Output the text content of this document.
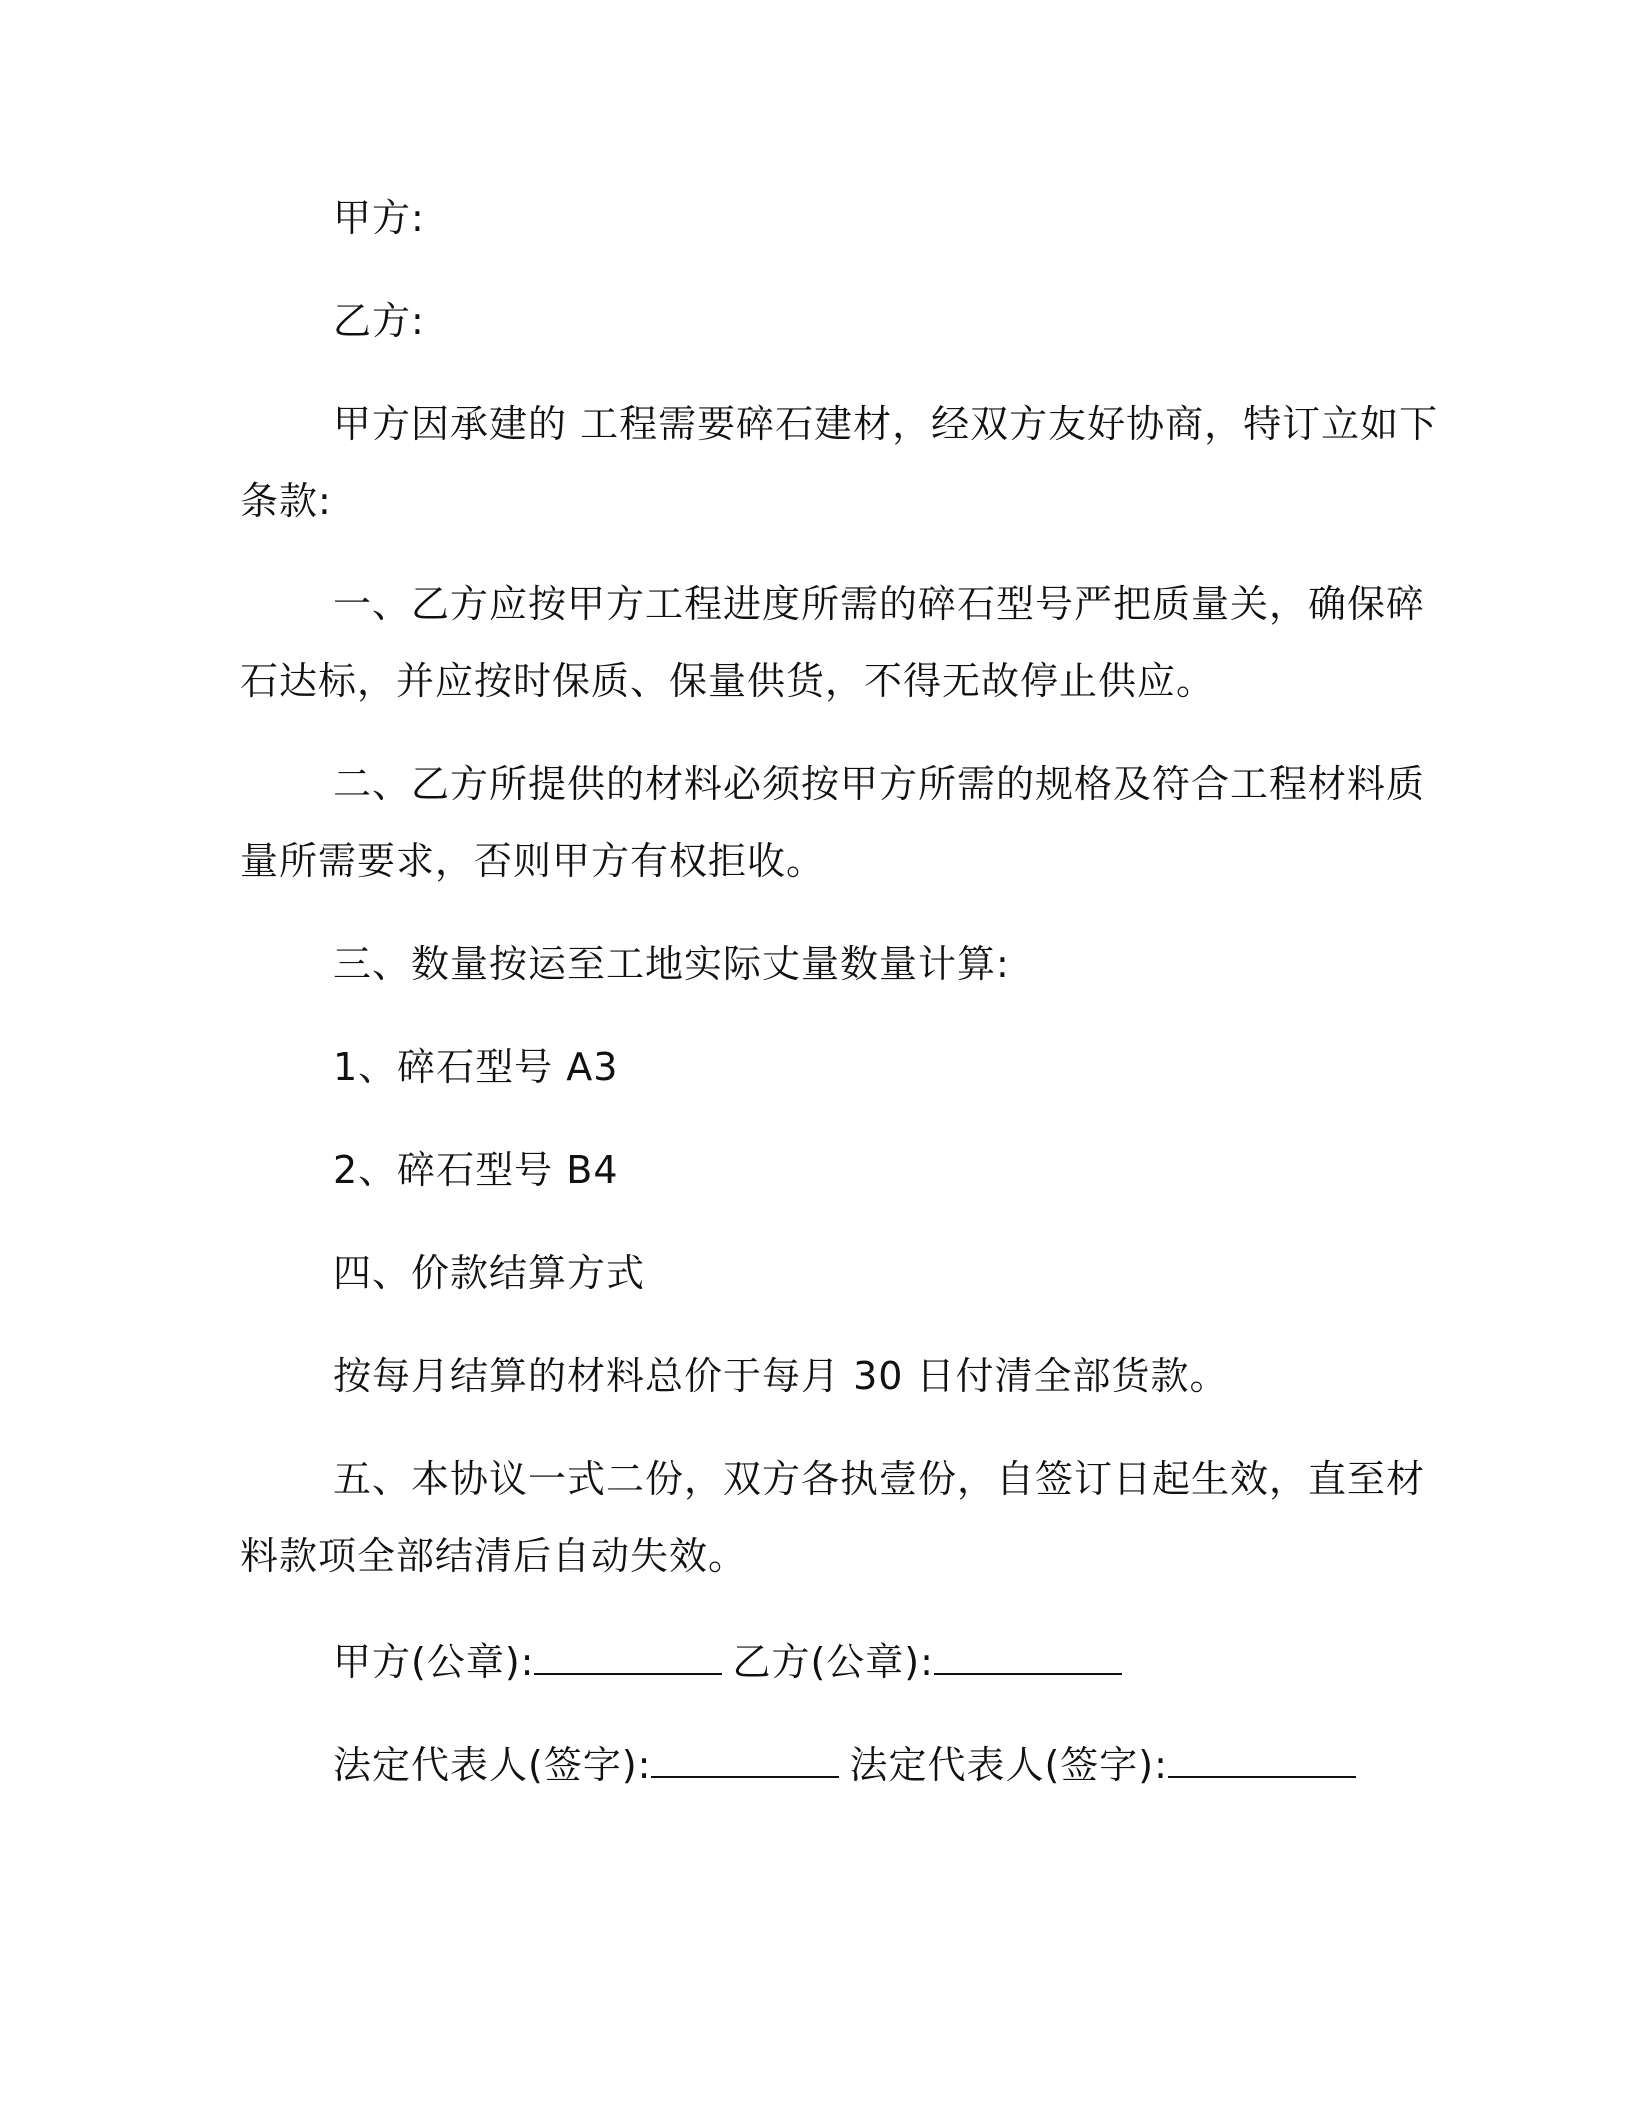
甲方:
乙方:
甲方因承建的 工程需要碎石建材，经双方友好协商，特订立如下
条款:
一、乙方应按甲方工程进度所需的碎石型号严把质量关，确保碎
石达标，并应按时保质、保量供货，不得无故停止供应。
二、乙方所提供的材料必须按甲方所需的规格及符合工程材料质
量所需要求，否则甲方有权拒收。
三、数量按运至工地实际丈量数量计算:
1、碎石型号 A3
2、碎石型号 B4
四、价款结算方式
按每月结算的材料总价于每月 30 日付清全部货款。
五、本协议一式二份，双方各执壹份，自签订日起生效，直至材
料款项全部结清后自动失效。
甲方(公章):	乙方(公章):
法定代表人(签字):	法定代表人(签字):
